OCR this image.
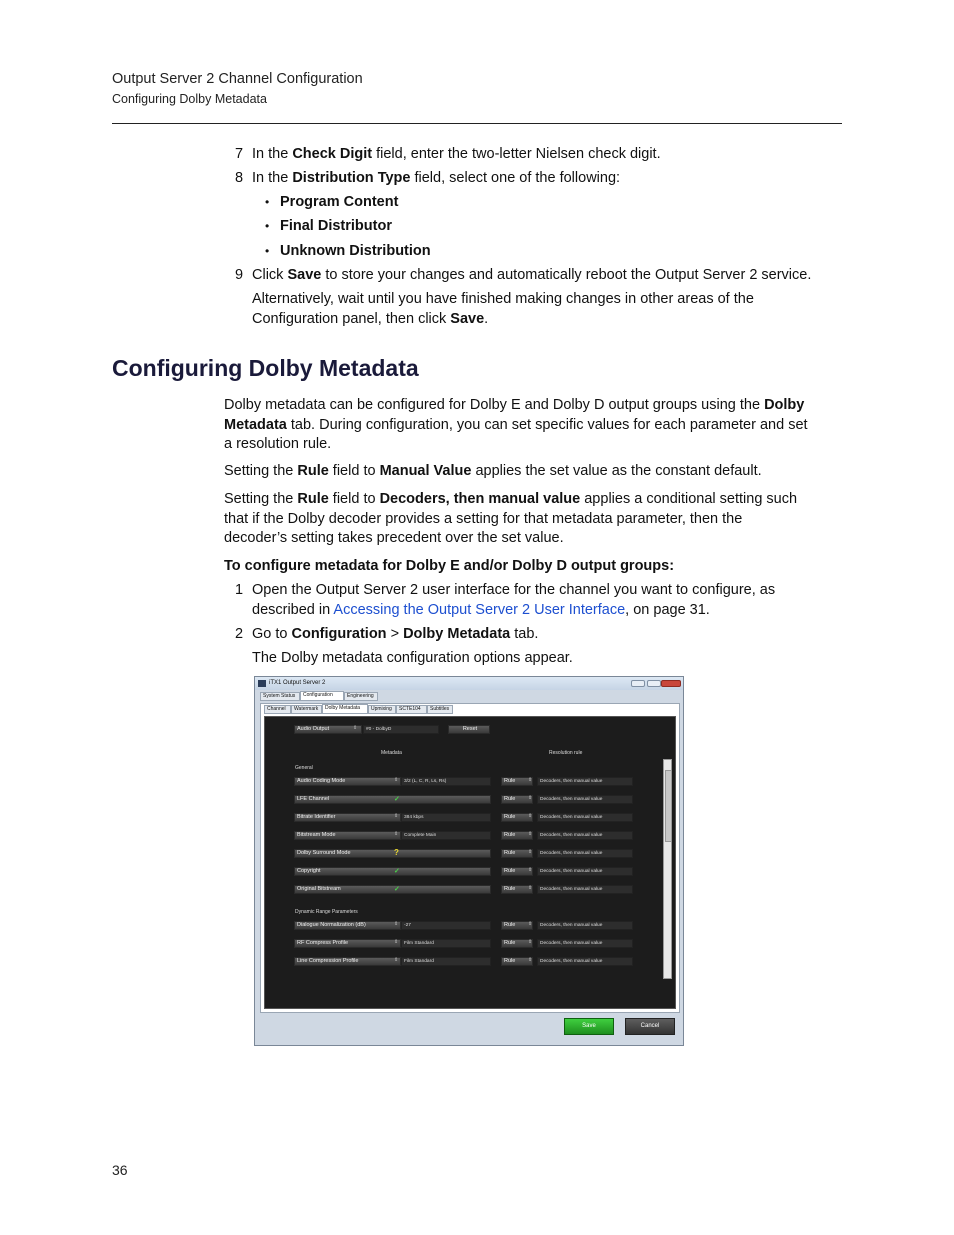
Output Server 2 Channel Configuration
Configuring Dolby Metadata
7 In the Check Digit field, enter the two-letter Nielsen check digit.
8 In the Distribution Type field, select one of the following:
• Program Content
• Final Distributor
• Unknown Distribution
9 Click Save to store your changes and automatically reboot the Output Server 2 service.
Alternatively, wait until you have finished making changes in other areas of the
Configuration panel, then click Save.
Configuring Dolby Metadata
Dolby metadata can be configured for Dolby E and Dolby D output groups using the Dolby
Metadata tab. During configuration, you can set specific values for each parameter and set
a resolution rule.
Setting the Rule field to Manual Value applies the set value as the constant default.
Setting the Rule field to Decoders, then manual value applies a conditional setting such
that if the Dolby decoder provides a setting for that metadata parameter, then the
decoder’s setting takes precedent over the set value.
To configure metadata for Dolby E and/or Dolby D output groups:
1 Open the Output Server 2 user interface for the channel you want to configure, as
described in Accessing the Output Server 2 User Interface, on page 31.
2 Go to Configuration > Dolby Metadata tab.
The Dolby metadata configuration options appear.
iTX1 Output Server 2
System Status	Configuration	Engineering
Channel	Watermark	Dolby Metadata	Upmixing	SCTE104	Subtitles
Audio Output	⇕	#0 - DolbyD	Reset
Metadata	Resolution rule
General
Audio Coding Mode	⇕	3/2 (L, C, R, Ls, Rs)	Rule	⇕	Decoders, then manual value
LFE Channel	✓	Rule	⇕	Decoders, then manual value
Bitrate Identifier	⇕	384 kbps	Rule	⇕	Decoders, then manual value
Bitstream Mode	⇕	Complete Main	Rule	⇕	Decoders, then manual value
Dolby Surround Mode	?	Rule	⇕	Decoders, then manual value
Copyright	✓	Rule	⇕	Decoders, then manual value
Original Bitstream	✓	Rule	⇕	Decoders, then manual value
Dynamic Range Parameters
Dialogue Normalization (dB)	⇕	-27	Rule	⇕	Decoders, then manual value
RF Compress Profile	⇕	Film Standard	Rule	⇕	Decoders, then manual value
Line Compression Profile	⇕	Film Standard	Rule	⇕	Decoders, then manual value
Save	Cancel
36
